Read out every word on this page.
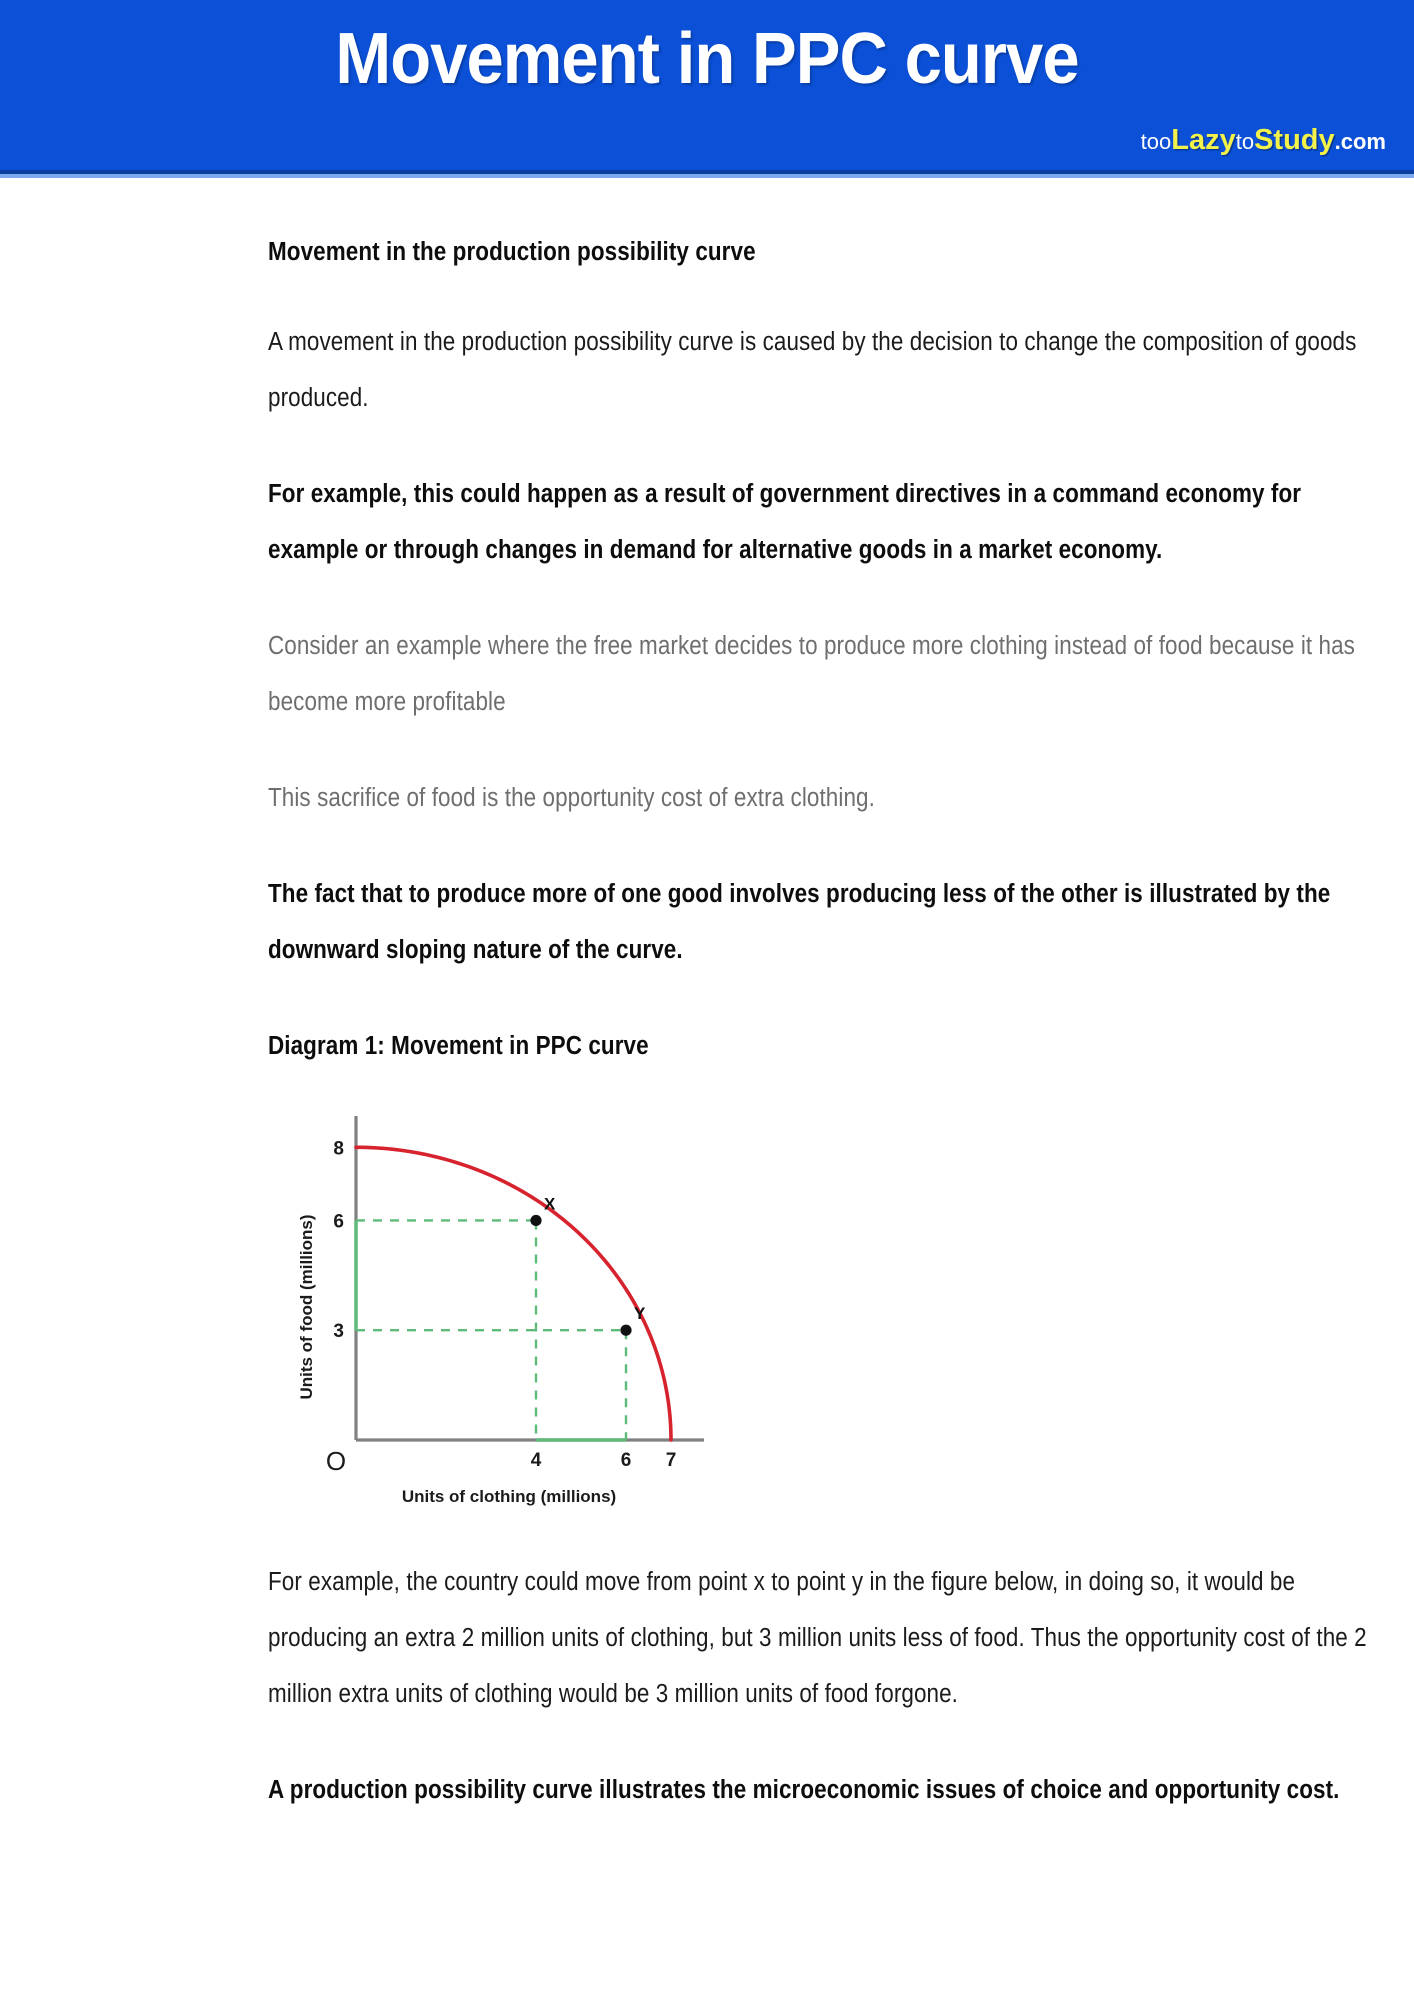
Movement in PPC curve
tooLazytoStudy.com
Movement in the production possibility curve
A movement in the production possibility curve is caused by the decision to change the composition of goods produced.
For example, this could happen as a result of government directives in a command economy for example or through changes in demand for alternative goods in a market economy.
Consider an example where the free market decides to produce more clothing instead of food because it has become more profitable
This sacrifice of food is the opportunity cost of extra clothing.
The fact that to produce more of one good involves producing less of the other is illustrated by the downward sloping nature of the curve.
Diagram 1: Movement in PPC curve
X
Y
3
6
8
4	6 7
O
Units of clothing (millions)
Units of food (millions)
For example, the country could move from point x to point y in the figure below, in doing so, it would be producing an extra 2 million units of clothing, but 3 million units less of food. Thus the opportunity cost of the 2 million extra units of clothing would be 3 million units of food forgone.
A production possibility curve illustrates the microeconomic issues of choice and opportunity cost.
